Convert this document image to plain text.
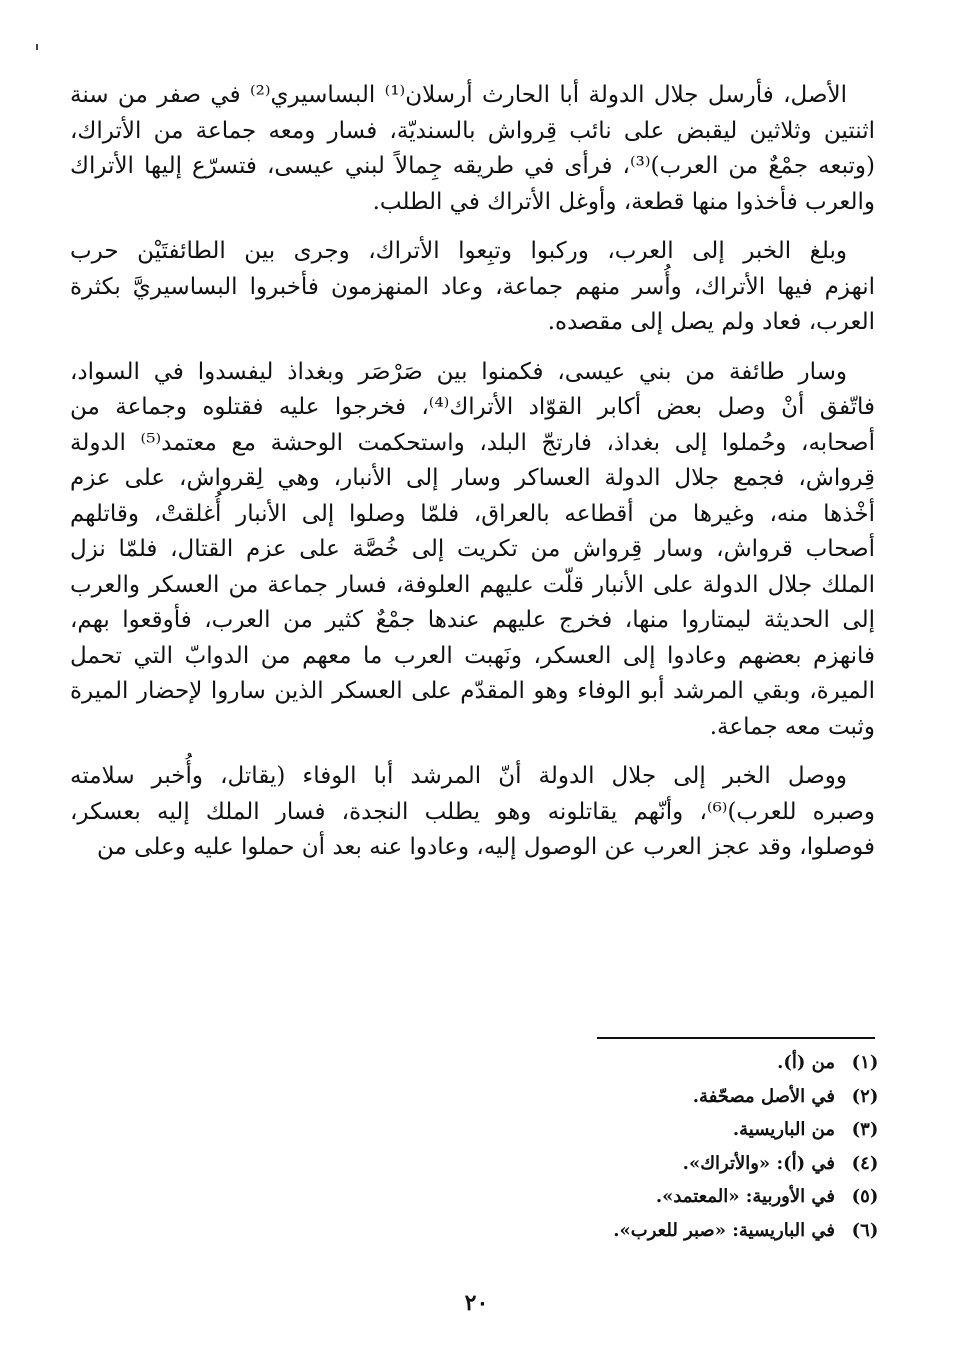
الأصل، فأرسل جلال الدولة أبا الحارث أرسلان⁽¹⁾ البساسيري⁽²⁾ في صفر من سنة
اثنتين وثلاثين ليقبض على نائب قِرواش بالسنديّة، فسار ومعه جماعة من الأتراك،
(وتبعه جمْعٌ من العرب)⁽³⁾، فرأى في طريقه جِمالاً لبني عيسى، فتسرّع إليها الأتراك
والعرب فأخذوا منها قطعة، وأوغل الأتراك في الطلب.

وبلغ الخبر إلى العرب، وركبوا وتبِعوا الأتراك، وجرى بين الطائفتَيْن حرب
انهزم فيها الأتراك، وأُسر منهم جماعة، وعاد المنهزمون فأخبروا البساسيريَّ بكثرة
العرب، فعاد ولم يصل إلى مقصده.

وسار طائفة من بني عيسى، فكمنوا بين صَرْصَر وبغداذ ليفسدوا في السواد،
فاتّفق أنْ وصل بعض أكابر القوّاد الأتراك⁽⁴⁾، فخرجوا عليه فقتلوه وجماعة من
أصحابه، وحُملوا إلى بغداذ، فارتجّ البلد، واستحكمت الوحشة مع معتمد⁽⁵⁾ الدولة
قِرواش، فجمع جلال الدولة العساكر وسار إلى الأنبار، وهي لِقرواش، على عزم
أخْذها منه، وغيرها من أقطاعه بالعراق، فلمّا وصلوا إلى الأنبار أُغلقتْ، وقاتلهم
أصحاب قرواش، وسار قِرواش من تكريت إلى خُصَّة على عزم القتال، فلمّا نزل
الملك جلال الدولة على الأنبار قلّت عليهم العلوفة، فسار جماعة من العسكر والعرب
إلى الحديثة ليمتاروا منها، فخرج عليهم عندها جمْعٌ كثير من العرب، فأوقعوا بهم،
فانهزم بعضهم وعادوا إلى العسكر، ونَهبت العرب ما معهم من الدوابّ التي تحمل
الميرة، وبقي المرشد أبو الوفاء وهو المقدّم على العسكر الذين ساروا لإحضار الميرة
وثبت معه جماعة.

ووصل الخبر إلى جلال الدولة أنّ المرشد أبا الوفاء (يقاتل، وأُخبر سلامته
وصبره للعرب)⁽⁶⁾، وأنّهم يقاتلونه وهو يطلب النجدة، فسار الملك إليه بعسكر،
فوصلوا، وقد عجز العرب عن الوصول إليه، وعادوا عنه بعد أن حملوا عليه وعلى من

(١)
من (أ).
(٢)
في الأصل مصحّفة.
(٣)
من الباريسية.
(٤)
في (أ): «والأتراك».
(٥)
في الأوربية: «المعتمد».
(٦)
في الباريسية: «صبر للعرب».
٢٠
